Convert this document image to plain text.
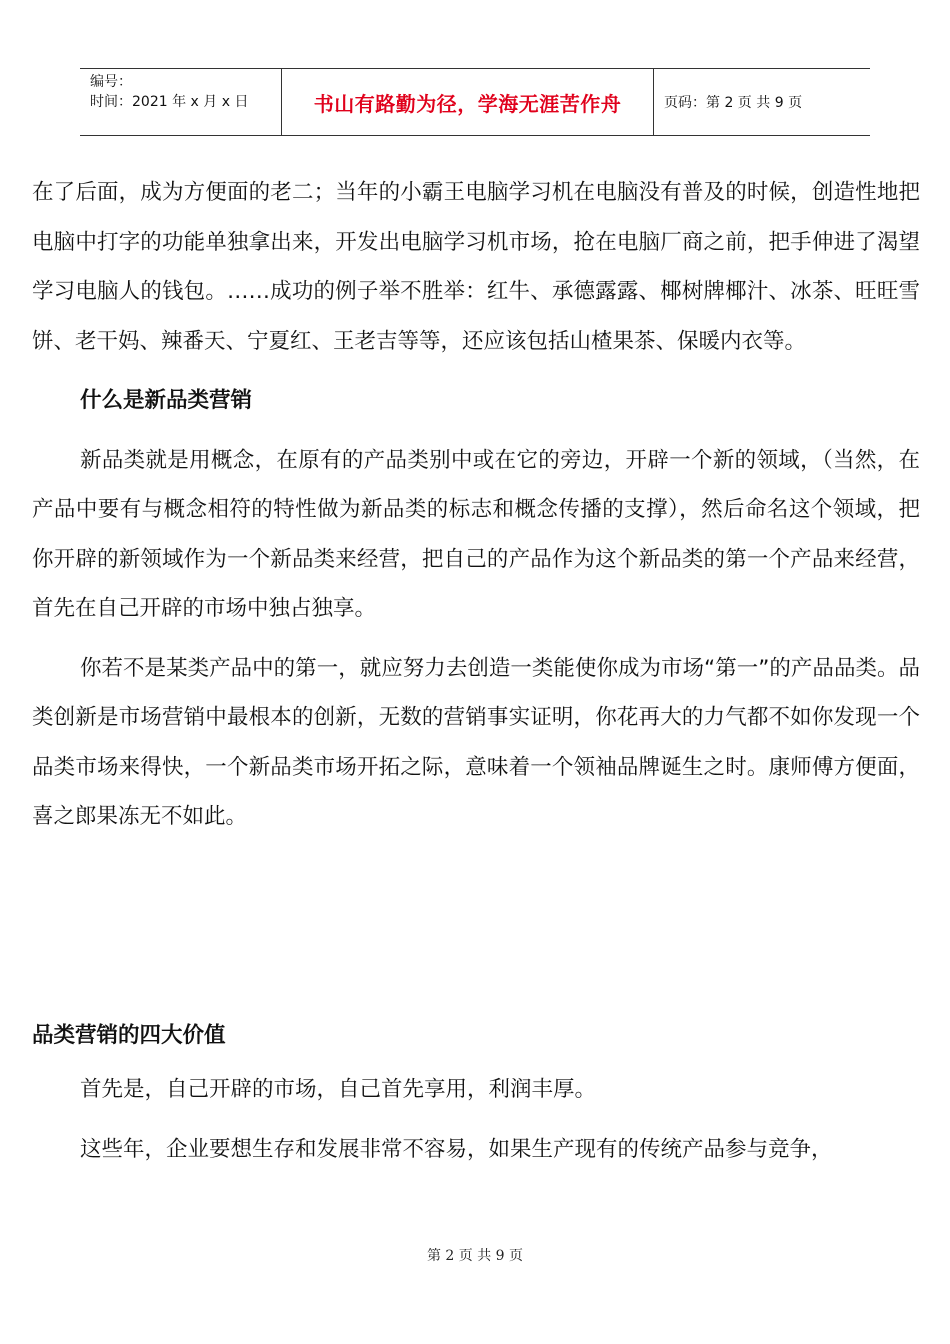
编号：
时间：2021 年 x 月 x 日	书山有路勤为径，学海无涯苦作舟	页码：第 2 页 共 9 页

在了后面，成为方便面的老二；当年的小霸王电脑学习机在电脑没有普及的时候，创造性地把电脑中打字的功能单独拿出来，开发出电脑学习机市场，抢在电脑厂商之前，把手伸进了渴望学习电脑人的钱包。……成功的例子举不胜举：红牛、承德露露、椰树牌椰汁、冰茶、旺旺雪饼、老干妈、辣番天、宁夏红、王老吉等等，还应该包括山楂果茶、保暖内衣等。

什么是新品类营销

新品类就是用概念，在原有的产品类别中或在它的旁边，开辟一个新的领域，（当然，在产品中要有与概念相符的特性做为新品类的标志和概念传播的支撑），然后命名这个领域，把你开辟的新领域作为一个新品类来经营，把自己的产品作为这个新品类的第一个产品来经营，首先在自己开辟的市场中独占独享。

你若不是某类产品中的第一，就应努力去创造一类能使你成为市场“第一”的产品品类。品类创新是市场营销中最根本的创新，无数的营销事实证明，你花再大的力气都不如你发现一个品类市场来得快，一个新品类市场开拓之际，意味着一个领袖品牌诞生之时。康师傅方便面，喜之郎果冻无不如此。

品类营销的四大价值

首先是，自己开辟的市场，自己首先享用，利润丰厚。

这些年，企业要想生存和发展非常不容易，如果生产现有的传统产品参与竞争，

第 2 页 共 9 页
